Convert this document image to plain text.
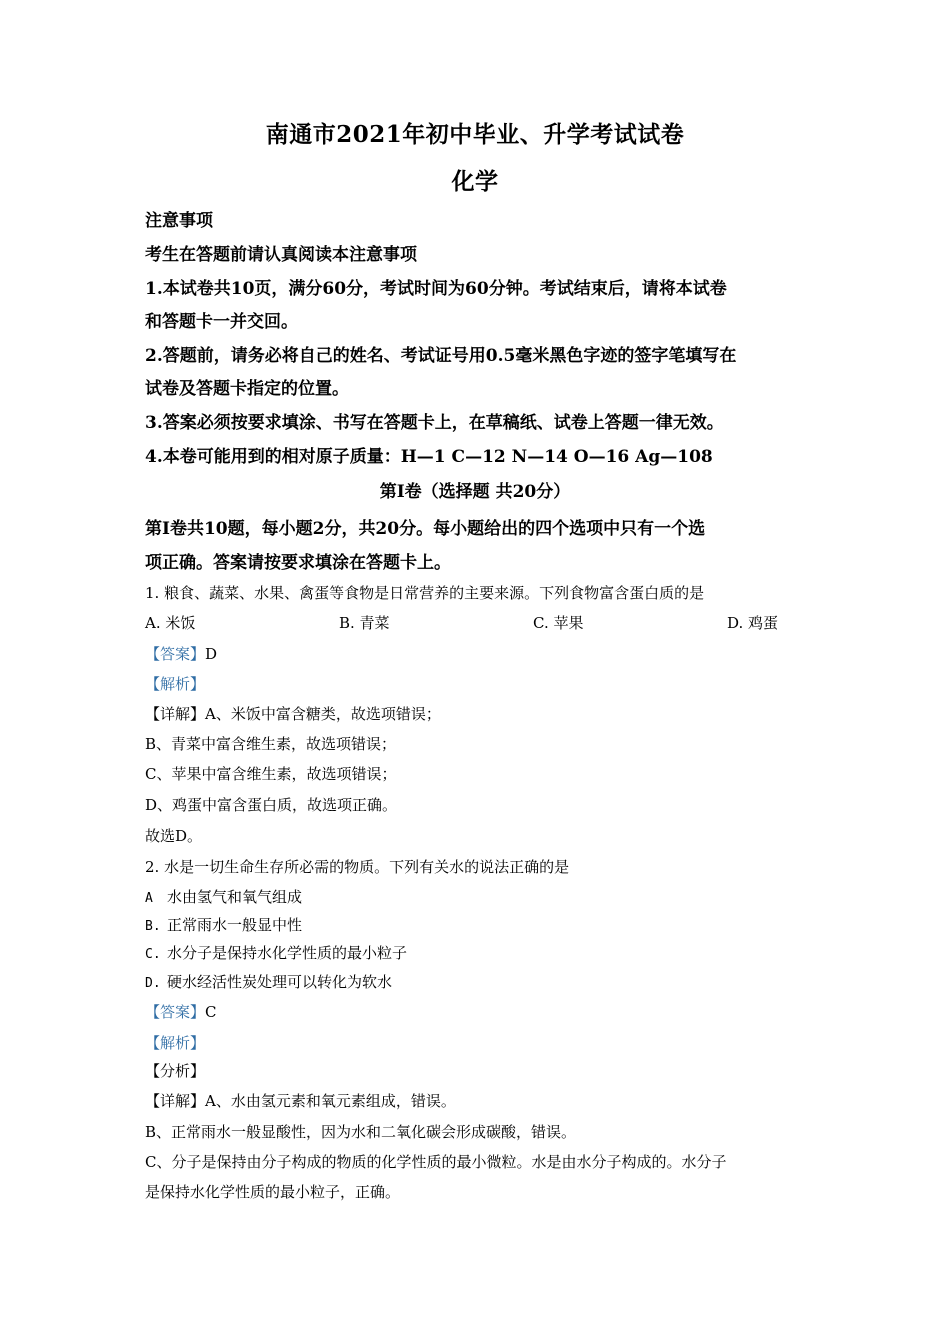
南通市2021年初中毕业、升学考试试卷
化学
注意事项
考生在答题前请认真阅读本注意事项
1.本试卷共10页，满分60分，考试时间为60分钟。考试结束后，请将本试卷
和答题卡一并交回。
2.答题前，请务必将自己的姓名、考试证号用0.5毫米黑色字迹的签字笔填写在
试卷及答题卡指定的位置。
3.答案必须按要求填涂、书写在答题卡上，在草稿纸、试卷上答题一律无效。
4.本卷可能用到的相对原子质量：H—1 C—12 N—14 O—16 Ag—108
第Ⅰ卷（选择题 共20分）
第Ⅰ卷共10题，每小题2分，共20分。每小题给出的四个选项中只有一个选
项正确。答案请按要求填涂在答题卡上。
1. 粮食、蔬菜、水果、禽蛋等食物是日常营养的主要来源。下列食物富含蛋白质的是
A. 米饭	B. 青菜	C. 苹果	D. 鸡蛋
【答案】D
【解析】
【详解】A、米饭中富含糖类，故选项错误；
B、青菜中富含维生素，故选项错误；
C、苹果中富含维生素，故选项错误；
D、鸡蛋中富含蛋白质，故选项正确。
故选D。
2. 水是一切生命生存所必需的物质。下列有关水的说法正确的是
A 水由氢气和氧气组成
B. 正常雨水一般显中性
C. 水分子是保持水化学性质的最小粒子
D. 硬水经活性炭处理可以转化为软水
【答案】C
【解析】
【分析】
【详解】A、水由氢元素和氧元素组成，错误。
B、正常雨水一般显酸性，因为水和二氧化碳会形成碳酸，错误。
C、分子是保持由分子构成的物质的化学性质的最小微粒。水是由水分子构成的。水分子
是保持水化学性质的最小粒子，正确。
